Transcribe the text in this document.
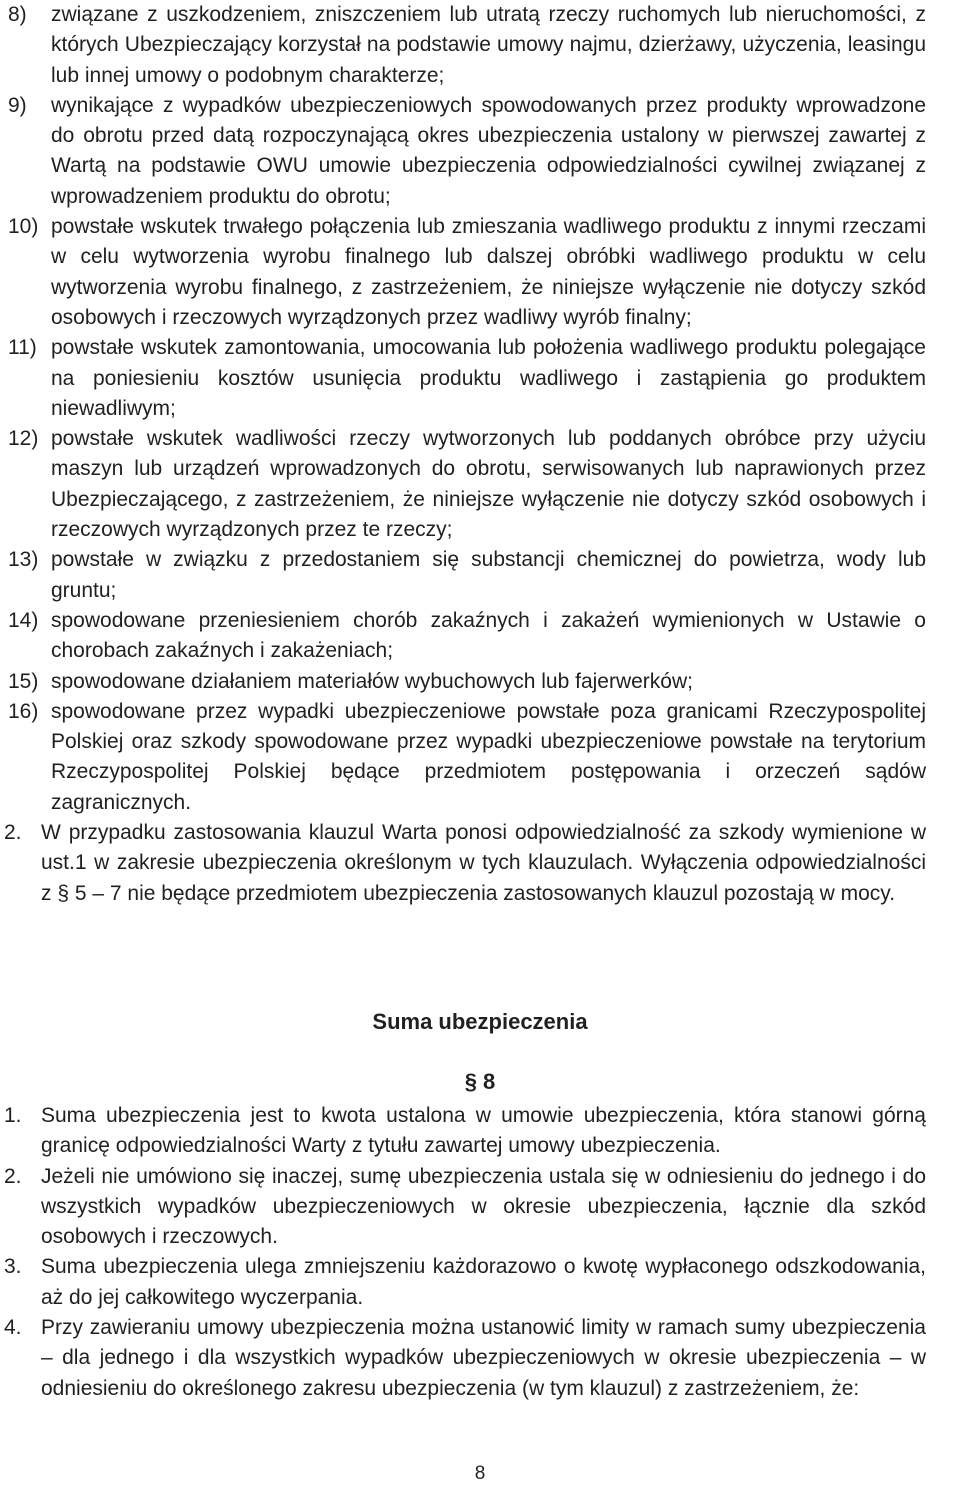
8)	związane z uszkodzeniem, zniszczeniem lub utratą rzeczy ruchomych lub nieruchomości, z których Ubezpieczający korzystał na podstawie umowy najmu, dzierżawy, użyczenia, leasingu lub innej umowy o podobnym charakterze;

9)	wynikające z wypadków ubezpieczeniowych spowodowanych przez produkty wprowadzone do obrotu przed datą rozpoczynającą okres ubezpieczenia ustalony w pierwszej zawartej z Wartą na podstawie OWU umowie ubezpieczenia odpowiedzialności cywilnej związanej z wprowadzeniem produktu do obrotu;

10) powstałe wskutek trwałego połączenia lub zmieszania wadliwego produktu z innymi rzeczami w celu wytworzenia wyrobu finalnego lub dalszej obróbki wadliwego produktu w celu wytworzenia wyrobu finalnego, z zastrzeżeniem, że niniejsze wyłączenie nie dotyczy szkód osobowych i rzeczowych wyrządzonych przez wadliwy wyrób finalny;

11) powstałe wskutek zamontowania, umocowania lub położenia wadliwego produktu polegające na poniesieniu kosztów usunięcia produktu wadliwego i zastąpienia go produktem niewadliwym;

12) powstałe wskutek wadliwości rzeczy wytworzonych lub poddanych obróbce przy użyciu maszyn lub urządzeń wprowadzonych do obrotu, serwisowanych lub naprawionych przez Ubezpieczającego, z zastrzeżeniem, że niniejsze wyłączenie nie dotyczy szkód osobowych i rzeczowych wyrządzonych przez te rzeczy;

13) powstałe w związku z przedostaniem się substancji chemicznej do powietrza, wody lub gruntu;

14) spowodowane przeniesieniem chorób zakaźnych i zakażeń wymienionych w Ustawie o chorobach zakaźnych i zakażeniach;

15) spowodowane działaniem materiałów wybuchowych lub fajerwerków;

16) spowodowane przez wypadki ubezpieczeniowe powstałe poza granicami Rzeczypospolitej Polskiej oraz szkody spowodowane przez wypadki ubezpieczeniowe powstałe na terytorium Rzeczypospolitej Polskiej będące przedmiotem postępowania i orzeczeń sądów zagranicznych.

2. W przypadku zastosowania klauzul Warta ponosi odpowiedzialność za szkody wymienione w ust.1 w zakresie ubezpieczenia określonym w tych klauzulach. Wyłączenia odpowiedzialności z § 5 – 7 nie będące przedmiotem ubezpieczenia zastosowanych klauzul pozostają w mocy.

Suma ubezpieczenia
§ 8
1. Suma ubezpieczenia jest to kwota ustalona w umowie ubezpieczenia, która stanowi górną granicę odpowiedzialności Warty z tytułu zawartej umowy ubezpieczenia.

2. Jeżeli nie umówiono się inaczej, sumę ubezpieczenia ustala się w odniesieniu do jednego i do wszystkich wypadków ubezpieczeniowych w okresie ubezpieczenia, łącznie dla szkód osobowych i rzeczowych.

3. Suma ubezpieczenia ulega zmniejszeniu każdorazowo o kwotę wypłaconego odszkodowania, aż do jej całkowitego wyczerpania.

4. Przy zawieraniu umowy ubezpieczenia można ustanowić limity w ramach sumy ubezpieczenia – dla jednego i dla wszystkich wypadków ubezpieczeniowych w okresie ubezpieczenia – w odniesieniu do określonego zakresu ubezpieczenia (w tym klauzul) z zastrzeżeniem, że:

8
